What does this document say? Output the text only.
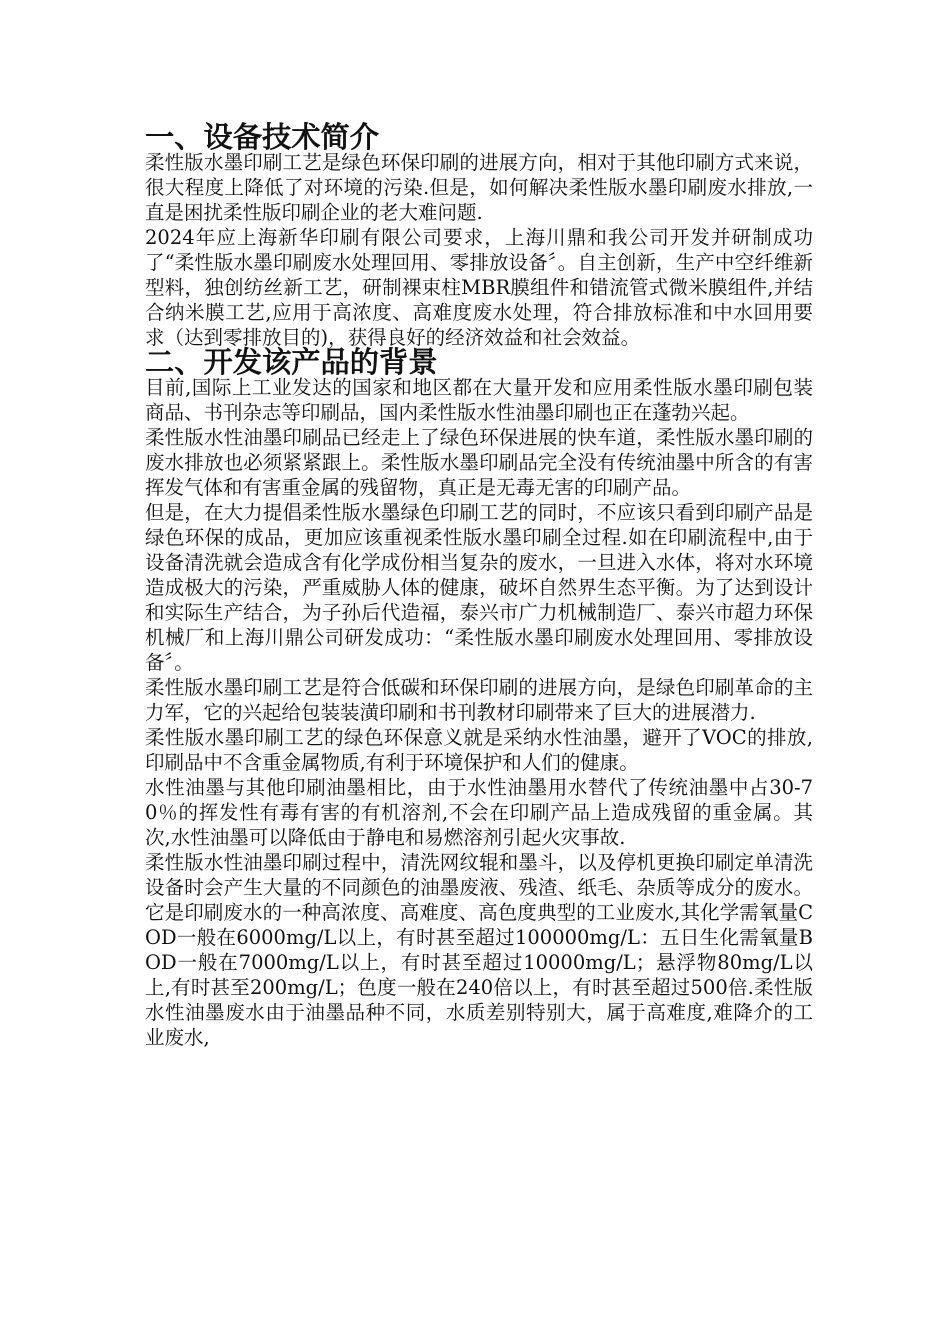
一、设备技术简介

柔性版水墨印刷工艺是绿色环保印刷的进展方向，相对于其他印刷方式来说，很大程度上降低了对环境的污染.但是，如何解决柔性版水墨印刷废水排放,一直是困扰柔性版印刷企业的老大难问题.

2024年应上海新华印刷有限公司要求，上海川鼎和我公司开发并研制成功了“柔性版水墨印刷废水处理回用、零排放设备〞。自主创新，生产中空纤维新型料，独创纺丝新工艺，研制裸束柱MBR膜组件和错流管式微米膜组件,并结合纳米膜工艺,应用于高浓度、高难度废水处理，符合排放标准和中水回用要求（达到零排放目的)，获得良好的经济效益和社会效益。

二、开发该产品的背景

目前,国际上工业发达的国家和地区都在大量开发和应用柔性版水墨印刷包装商品、书刊杂志等印刷品，国内柔性版水性油墨印刷也正在蓬勃兴起。

柔性版水性油墨印刷品已经走上了绿色环保进展的快车道，柔性版水墨印刷的废水排放也必须紧紧跟上。柔性版水墨印刷品完全没有传统油墨中所含的有害挥发气体和有害重金属的残留物，真正是无毒无害的印刷产品。

但是，在大力提倡柔性版水墨绿色印刷工艺的同时，不应该只看到印刷产品是绿色环保的成品，更加应该重视柔性版水墨印刷全过程.如在印刷流程中,由于设备清洗就会造成含有化学成份相当复杂的废水，一旦进入水体，将对水环境造成极大的污染，严重威胁人体的健康，破坏自然界生态平衡。为了达到设计和实际生产结合，为子孙后代造福，泰兴市广力机械制造厂、泰兴市超力环保机械厂和上海川鼎公司研发成功：“柔性版水墨印刷废水处理回用、零排放设备〞。

柔性版水墨印刷工艺是符合低碳和环保印刷的进展方向，是绿色印刷革命的主力军，它的兴起给包装装潢印刷和书刊教材印刷带来了巨大的进展潜力.

柔性版水墨印刷工艺的绿色环保意义就是采纳水性油墨，避开了VOC的排放,印刷品中不含重金属物质,有利于环境保护和人们的健康。

水性油墨与其他印刷油墨相比，由于水性油墨用水替代了传统油墨中占30-70％的挥发性有毒有害的有机溶剂,不会在印刷产品上造成残留的重金属。其次,水性油墨可以降低由于静电和易燃溶剂引起火灾事故.

柔性版水性油墨印刷过程中，清洗网纹辊和墨斗，以及停机更换印刷定单清洗设备时会产生大量的不同颜色的油墨废液、残渣、纸毛、杂质等成分的废水。它是印刷废水的一种高浓度、高难度、高色度典型的工业废水,其化学需氧量COD一般在6000mg/L以上，有时甚至超过100000mg/L：五日生化需氧量BOD一般在7000mg/L以上，有时甚至超过10000mg/L；悬浮物80mg/L以上,有时甚至200mg/L；色度一般在240倍以上，有时甚至超过500倍.柔性版水性油墨废水由于油墨品种不同，水质差别特别大，属于高难度,难降介的工业废水,
